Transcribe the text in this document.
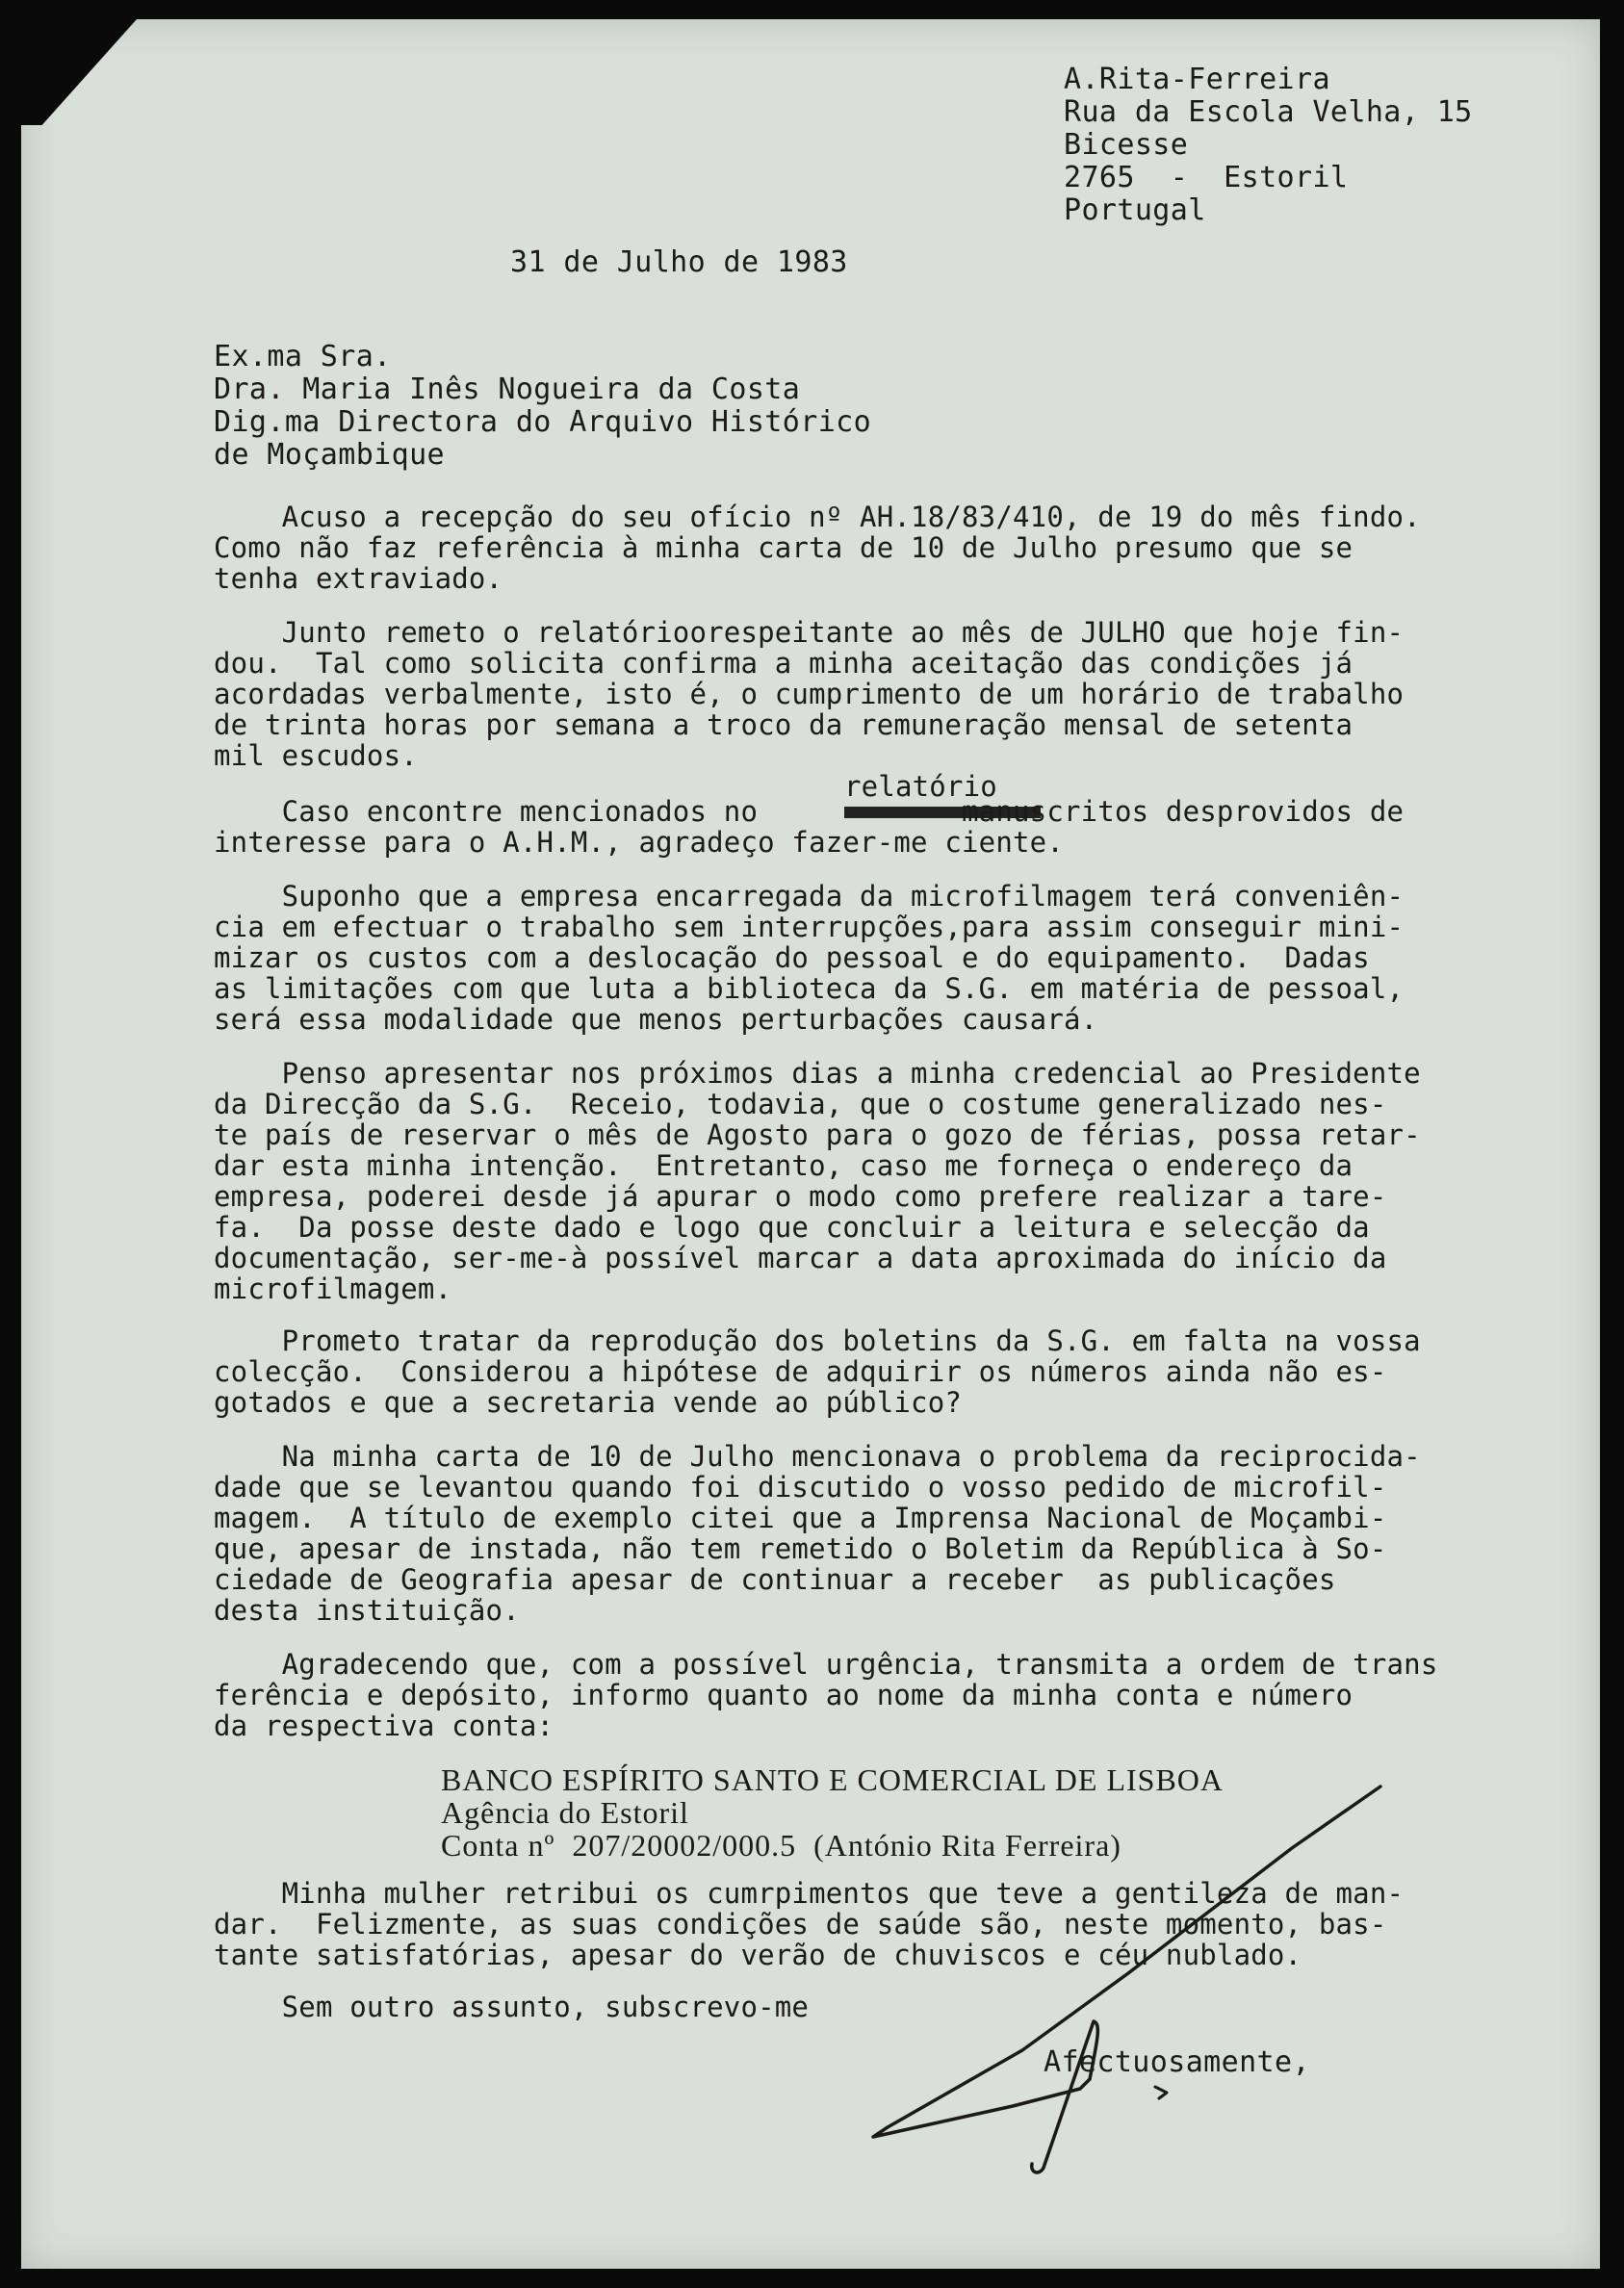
A.Rita-Ferreira

Rua da Escola Velha, 15

Bicesse

2765  -  Estoril

Portugal

31 de Julho de 1983

Ex.ma Sra.

Dra. Maria Inês Nogueira da Costa

Dig.ma Directora do Arquivo Histórico

de Moçambique

Acuso a recepção do seu ofício nº AH.18/83/410, de 19 do mês findo.

Como não faz referência à minha carta de 10 de Julho presumo que se

tenha extraviado.

Junto remeto o relatórioorespeitante ao mês de JULHO que hoje fin-

dou.  Tal como solicita confirma a minha aceitação das condições já

acordadas verbalmente, isto é, o cumprimento de um horário de trabalho

de trinta horas por semana a troco da remuneração mensal de setenta

mil escudos.

relatório

Caso encontre mencionados no            manuscritos desprovidos de

interesse para o A.H.M., agradeço fazer-me ciente.

Suponho que a empresa encarregada da microfilmagem terá conveniên-

cia em efectuar o trabalho sem interrupções,para assim conseguir mini-

mizar os custos com a deslocação do pessoal e do equipamento.  Dadas

as limitações com que luta a biblioteca da S.G. em matéria de pessoal,

será essa modalidade que menos perturbações causará.

Penso apresentar nos próximos dias a minha credencial ao Presidente

da Direcção da S.G.  Receio, todavia, que o costume generalizado nes-

te país de reservar o mês de Agosto para o gozo de férias, possa retar-

dar esta minha intenção.  Entretanto, caso me forneça o endereço da

empresa, poderei desde já apurar o modo como prefere realizar a tare-

fa.  Da posse deste dado e logo que concluir a leitura e selecção da

documentação, ser-me-à possível marcar a data aproximada do início da

microfilmagem.

Prometo tratar da reprodução dos boletins da S.G. em falta na vossa

colecção.  Considerou a hipótese de adquirir os números ainda não es-

gotados e que a secretaria vende ao público?

Na minha carta de 10 de Julho mencionava o problema da reciprocida-

dade que se levantou quando foi discutido o vosso pedido de microfil-

magem.  A título de exemplo citei que a Imprensa Nacional de Moçambi-

que, apesar de instada, não tem remetido o Boletim da República à So-

ciedade de Geografia apesar de continuar a receber  as publicações

desta instituição.

Agradecendo que, com a possível urgência, transmita a ordem de trans

ferência e depósito, informo quanto ao nome da minha conta e número

da respectiva conta:

BANCO ESPÍRITO SANTO E COMERCIAL DE LISBOA

Agência do Estoril

Conta nº  207/20002/000.5  (António Rita Ferreira)

Minha mulher retribui os cumrpimentos que teve a gentileza de man-

dar.  Felizmente, as suas condições de saúde são, neste momento, bas-

tante satisfatórias, apesar do verão de chuviscos e céu nublado.

Sem outro assunto, subscrevo-me

Afectuosamente,
